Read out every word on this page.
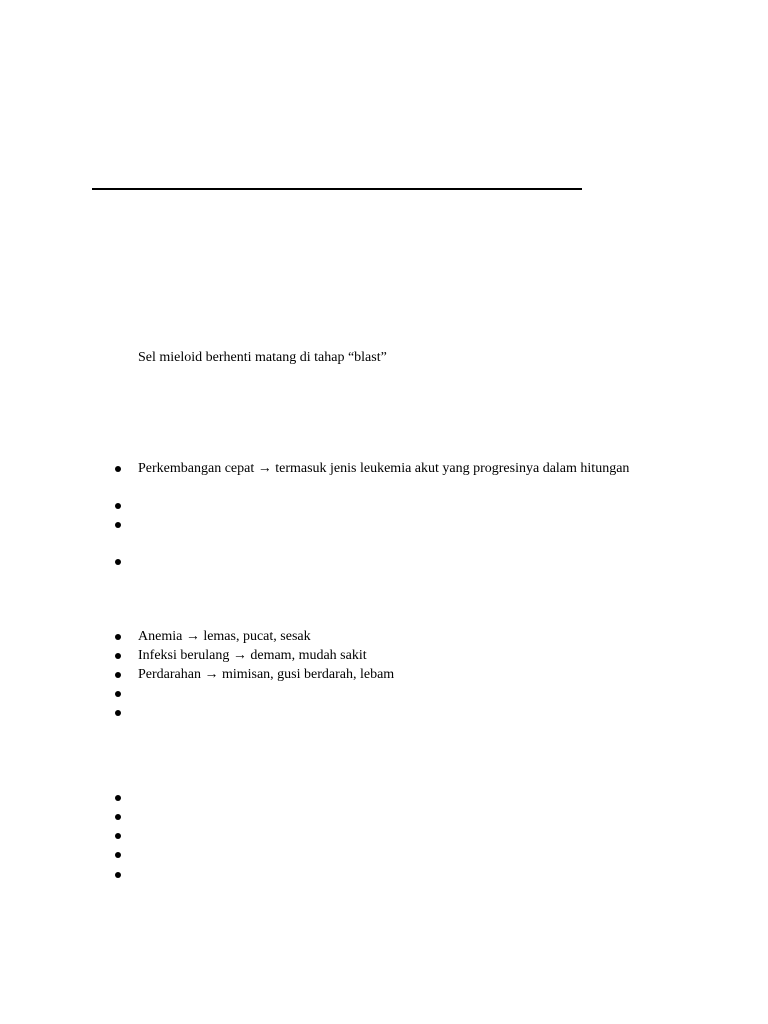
Sel mieloid berhenti matang di tahap “blast”

Perkembangan cepat → termasuk jenis leukemia akut yang progresinya dalam hitungan
Anemia → lemas, pucat, sesak
Infeksi berulang → demam, mudah sakit
Perdarahan → mimisan, gusi berdarah, lebam
